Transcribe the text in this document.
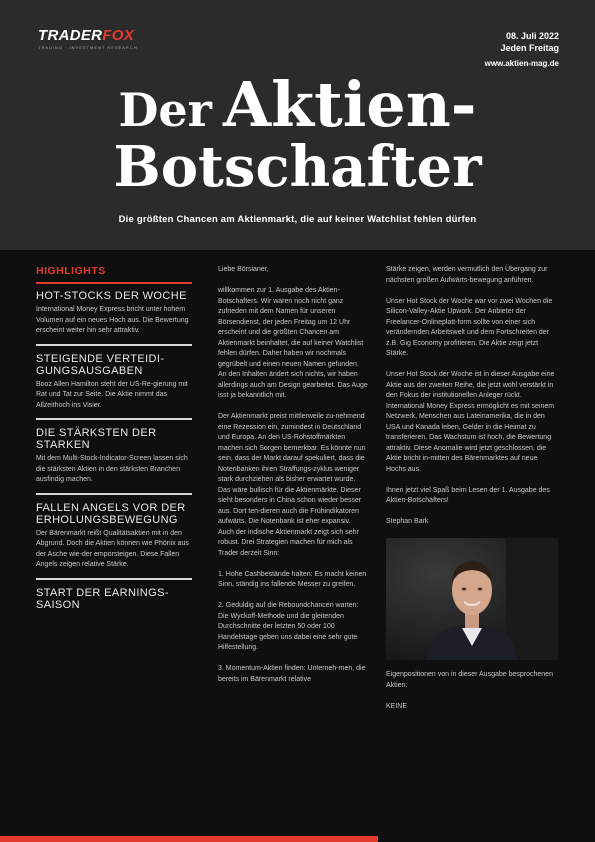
TRADERFOX
TRADING · INVESTMENT RESEARCH
08. Juli 2022
Jeden Freitag
www.aktien-mag.de
Der Aktien-
Botschafter
Die größten Chancen am Aktienmarkt, die auf keiner Watchlist fehlen dürfen
HIGHLIGHTS
HOT-STOCKS DER WOCHE
International Money Express bricht unter hohem Volumen auf ein neues Hoch aus. Die Bewertung erscheint weiter hin sehr attraktiv.
STEIGENDE VERTEIDI-GUNGSAUSGABEN
Booz Allen Hamilton steht der US-Re-gierung mit Rat und Tat zur Seite. Die Aktie nimmt das Allzeithoch ins Visier.
DIE STÄRKSTEN DER STARKEN
Mit dem Multi-Stock-Indicator-Screen lassen sich die stärksten Aktien in den stärksten Branchen ausfindig machen.
FALLEN ANGELS VOR DER ERHOLUNGSBEWEGUNG
Der Bärenmarkt reißt Qualitätsaktien mit in den Abgrund. Doch die Aktien können wie Phönix aus der Asche wie-der emporsteigen. Diese Fallen Angels zeigen relative Stärke.
START DER EARNINGS-SAISON

Liebe Börsianer,

willkommen zur 1. Ausgabe des Aktien-Botschafters. Wir waren noch nicht ganz zufrieden mit dem Namen für unseren Börsendienst, der jeden Freitag um 12 Uhr erscheint und die größten Chancen am Aktienmarkt beinhaltet, die auf keiner Watchlist fehlen dürfen. Daher haben wir nochmals gegrübelt und einen neuen Namen gefunden. An den Inhalten ändert sich nichts, wir haben allerdings auch am Design gearbeitet. Das Auge isst ja bekanntlich mit.

Der Aktienmarkt preist mittlerweile zu-nehmend eine Rezession ein, zumindest in Deutschland und Europa. An den US-Rohstoffmärkten machen sich Sorgen bemerkbar. Es könnte nun sein, dass der Markt darauf spekuliert, dass die Notenbanken ihren Straffungs-zyklus weniger stark durchziehen als bisher erwartet wurde. Das wäre bullisch für die Aktienmärkte. Dieser sieht besonders in China schon wieder besser aus. Dort ten-dieren auch die Frühindikatoren aufwärts. Die Notenbank ist eher expansiv. Auch der indische Aktienmarkt zeigt sich sehr robust. Drei Strategien machen für mich als Trader derzeit Sinn:

1. Hohe Cashbestände halten: Es macht keinen Sinn, ständig ins fallende Messer zu greifen.

2. Geduldig auf die Reboundchancen warten: Die Wyckoff-Methode und die gleitenden Durchschnitte der letzten 50 oder 100 Handelstage geben uns dabei eine sehr gute Hilfestellung.

3. Momentum-Aktien finden: Unterneh-men, die bereits im Bärenmarkt relative

Stärke zeigen, werden vermutlich den Übergang zur nächsten großen Aufwärts-bewegung anführen.

Unser Hot Stock der Woche war vor zwei Wochen die Silicon-Valley-Aktie Upwork. Der Anbieter der Freelancer-Onlineplatt-form sollte von einer sich verändernden Arbeitswelt und dem Fortschreiten der z.B. Gig Economy profitieren. Die Aktie zeigt jetzt Stärke.

Unser Hot Stock der Woche ist in dieser Ausgabe eine Aktie aus der zweiten Reihe, die jetzt wohl verstärkt in den Fokus der institutionellen Anleger rückt. International Money Express ermöglicht es mit seinem Netzwerk, Menschen aus Lateinamerika, die in den USA und Kanada leben, Gelder in die Heimat zu transferieren. Das Wachstum ist hoch, die Bewertung attraktiv. Diese Anomalie wird jetzt geschlossen, die Aktie bricht in-mitten des Bärenmarktes auf neue Hochs aus.

Ihnen jetzt viel Spaß beim Lesen der 1. Ausgabe des Aktien-Botschafters!

Stephan Bark

Eigenpositionen von in dieser Ausgabe besprochenen Aktien:

KEINE
